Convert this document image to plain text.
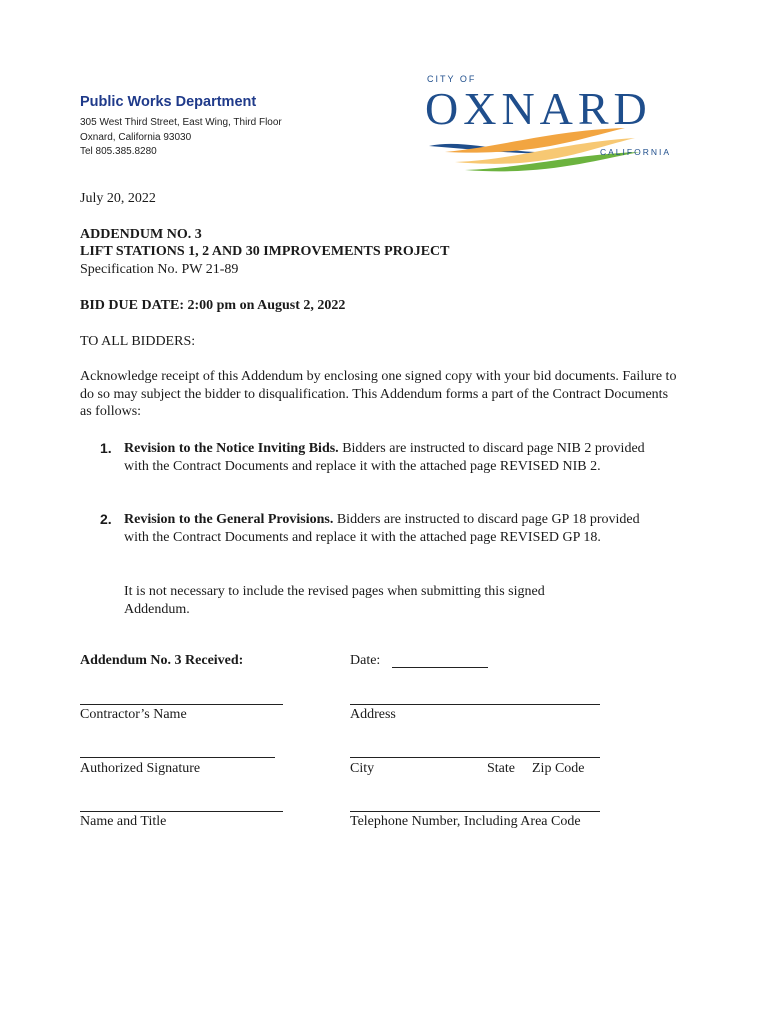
Public Works Department
305 West Third Street, East Wing, Third Floor
Oxnard, California 93030
Tel 805.385.8280
CITY OF
OXNARD
CALIFORNIA
July 20, 2022
ADDENDUM NO. 3
LIFT STATIONS 1, 2 AND 30 IMPROVEMENTS PROJECT
Specification No. PW 21-89
BID DUE DATE: 2:00 pm on August 2, 2022
TO ALL BIDDERS:
Acknowledge receipt of this Addendum by enclosing one signed copy with your bid documents. Failure to do so may subject the bidder to disqualification. This Addendum forms a part of the Contract Documents as follows:
1. Revision to the Notice Inviting Bids. Bidders are instructed to discard page NIB 2 provided with the Contract Documents and replace it with the attached page REVISED NIB 2.
2. Revision to the General Provisions. Bidders are instructed to discard page GP 18 provided with the Contract Documents and replace it with the attached page REVISED GP 18.
It is not necessary to include the revised pages when submitting this signed Addendum.
Addendum No. 3 Received:	Date:
Contractor’s Name	Address
Authorized Signature	City	State Zip Code
Name and Title	Telephone Number, Including Area Code
